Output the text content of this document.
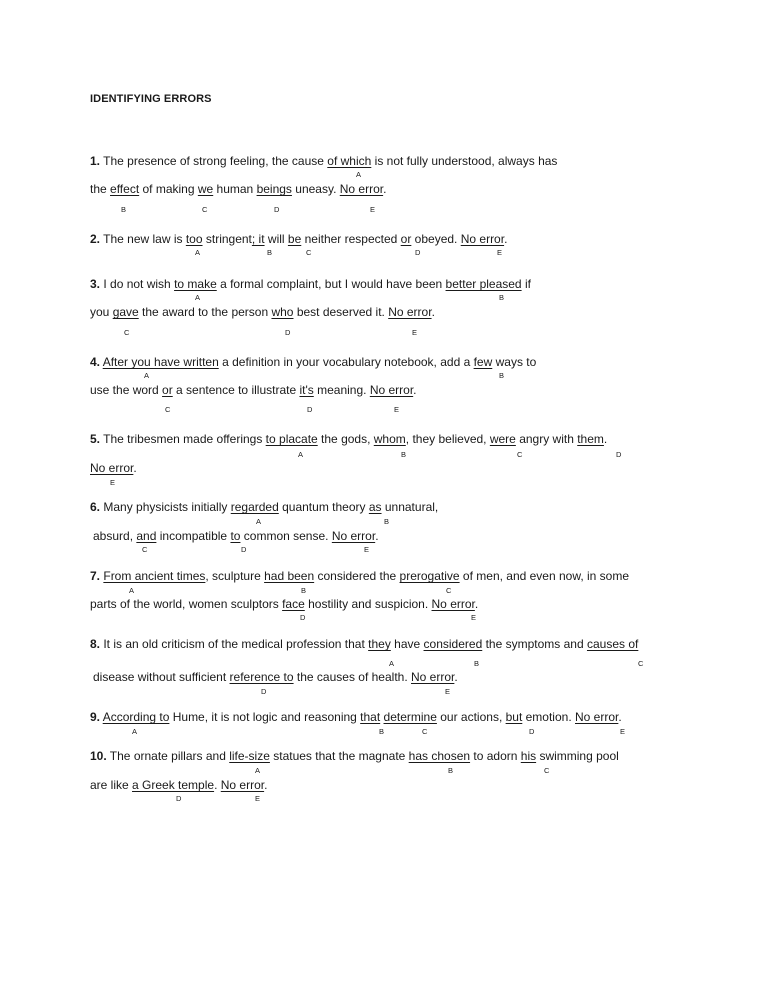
IDENTIFYING ERRORS
1. The presence of strong feeling, the cause of which is not fully understood, always has
the effect of making we human beings uneasy. No error.
2. The new law is too stringent; it will be neither respected or obeyed. No error.
3. I do not wish to make a formal complaint, but I would have been better pleased if
you gave the award to the person who best deserved it. No error.
4. After you have written a definition in your vocabulary notebook, add a few ways to
use the word or a sentence to illustrate it's meaning. No error.
5. The tribesmen made offerings to placate the gods, whom, they believed, were angry with them.
No error.
6. Many physicists initially regarded quantum theory as unnatural,
absurd, and incompatible to common sense. No error.
7. From ancient times, sculpture had been considered the prerogative of men, and even now, in some
parts of the world, women sculptors face hostility and suspicion. No error.
8. It is an old criticism of the medical profession that they have considered the symptoms and causes of
disease without sufficient reference to the causes of health. No error.
9. According to Hume, it is not logic and reasoning that determine our actions, but emotion. No error.
10. The ornate pillars and life-size statues that the magnate has chosen to adorn his swimming pool
are like a Greek temple. No error.
A
B	C	D	E
A	B	C	D	E
A	B
C	D	E
A	B
C	D	E
A	B	C	D
E
A	B
C	D	E
A	B	C
D	E
A	B	C
D	E
A	B	C	D	E
A	B	C
D	E
